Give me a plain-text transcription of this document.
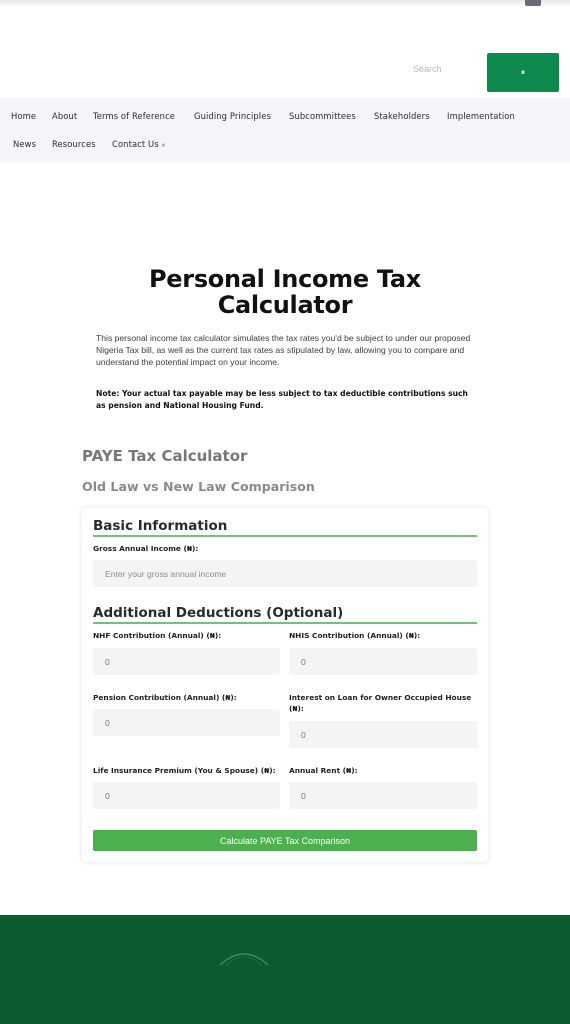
Search
⏸
Home About Terms of Reference Guiding Principles Subcommittees Stakeholders Implementation
News Resources Contact Us ⏸
Personal Income Tax Calculator

This personal income tax calculator simulates the tax rates you'd be subject to under our proposed Nigeria Tax bill, as well as the current tax rates as stipulated by law, allowing you to compare and understand the potential impact on your income.

Note: Your actual tax payable may be less subject to tax deductible contributions such as pension and National Housing Fund.

PAYE Tax Calculator
Old Law vs New Law Comparison
Basic Information
Gross Annual Income (₦):
Enter your gross annual income
Additional Deductions (Optional)
NHF Contribution (Annual) (₦):
0	NHIS Contribution (Annual) (₦):
0
Pension Contribution (Annual) (₦):
0	Interest on Loan for Owner Occupied House (₦):
0
Life Insurance Premium (You & Spouse) (₦):
0 Annual Rent (₦):
0
Calculate PAYE Tax Comparison
